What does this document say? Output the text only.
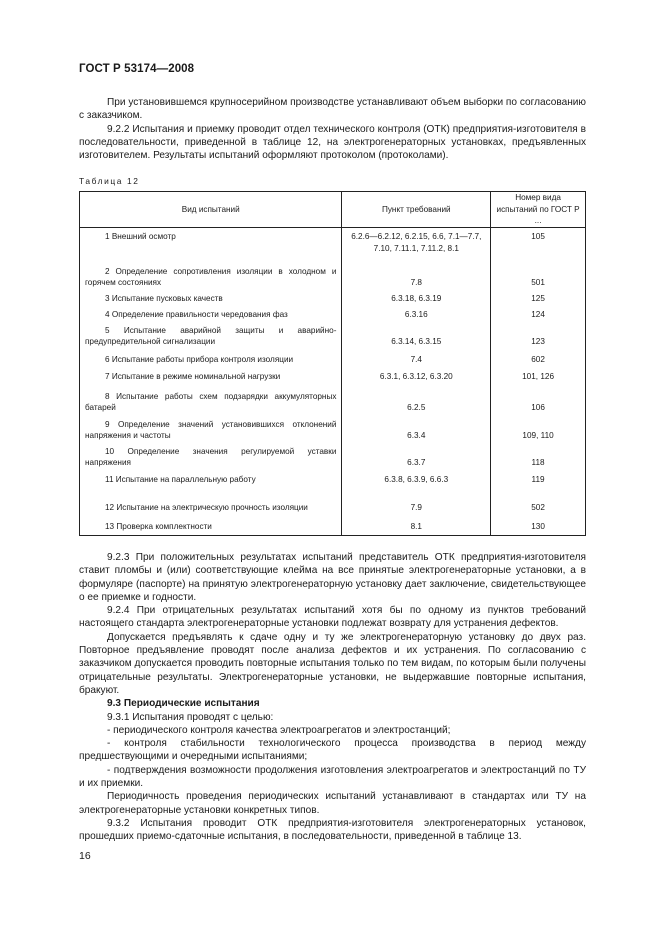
ГОСТ Р 53174—2008

При установившемся крупносерийном производстве устанавливают объем выборки по согласованию с заказчиком.

9.2.2 Испытания и приемку проводит отдел технического контроля (ОТК) предприятия-изготовителя в последовательности, приведенной в таблице 12, на электрогенераторных установках, предъявленных изготовителем. Результаты испытаний оформляют протоколом (протоколами).

Таблица 12
Вид испытаний	Пункт требований	Номер вида испытаний по ГОСТ Р ...
1 Внешний осмотр	6.2.6—6.2.12, 6.2.15, 6.6, 7.1—7.7, 7.10, 7.11.1, 7.11.2, 8.1	105
2 Определение сопротивления изоляции в холодном и горячем состояниях	7.8	501
3 Испытание пусковых качеств	6.3.18, 6.3.19	125
4 Определение правильности чередования фаз	6.3.16	124
5 Испытание аварийной защиты и аварийно-предупредительной сигнализации	6.3.14, 6.3.15	123
6 Испытание работы прибора контроля изоляции	7.4	602
7 Испытание в режиме номинальной нагрузки	6.3.1, 6.3.12, 6.3.20	101, 126
8 Испытание работы схем подзарядки аккумуляторных батарей	6.2.5	106
9 Определение значений установившихся отклонений напряжения и частоты	6.3.4	109, 110
10 Определение значения регулируемой уставки напряжения	6.3.7	118
11 Испытание на параллельную работу	6.3.8, 6.3.9, 6.6.3	119
12 Испытание на электрическую прочность изоляции	7.9	502
13 Проверка комплектности	8.1	130

9.2.3 При положительных результатах испытаний представитель ОТК предприятия-изготовителя ставит пломбы и (или) соответствующие клейма на все принятые электрогенераторные установки, а в формуляре (паспорте) на принятую электрогенераторную установку дает заключение, свидетельствующее о ее приемке и годности.

9.2.4 При отрицательных результатах испытаний хотя бы по одному из пунктов требований настоящего стандарта электрогенераторные установки подлежат возврату для устранения дефектов.

Допускается предъявлять к сдаче одну и ту же электрогенераторную установку до двух раз. Повторное предъявление проводят после анализа дефектов и их устранения. По согласованию с заказчиком допускается проводить повторные испытания только по тем видам, по которым были получены отрицательные результаты. Электрогенераторные установки, не выдержавшие повторные испытания, бракуют.

9.3 Периодические испытания

9.3.1 Испытания проводят с целью:

- периодического контроля качества электроагрегатов и электростанций;

- контроля стабильности технологического процесса производства в период между предшествующими и очередными испытаниями;

- подтверждения возможности продолжения изготовления электроагрегатов и электростанций по ТУ и их приемки.

Периодичность проведения периодических испытаний устанавливают в стандартах или ТУ на электрогенераторные установки конкретных типов.

9.3.2 Испытания проводит ОТК предприятия-изготовителя электрогенераторных установок, прошедших приемо-сдаточные испытания, в последовательности, приведенной в таблице 13.

16
